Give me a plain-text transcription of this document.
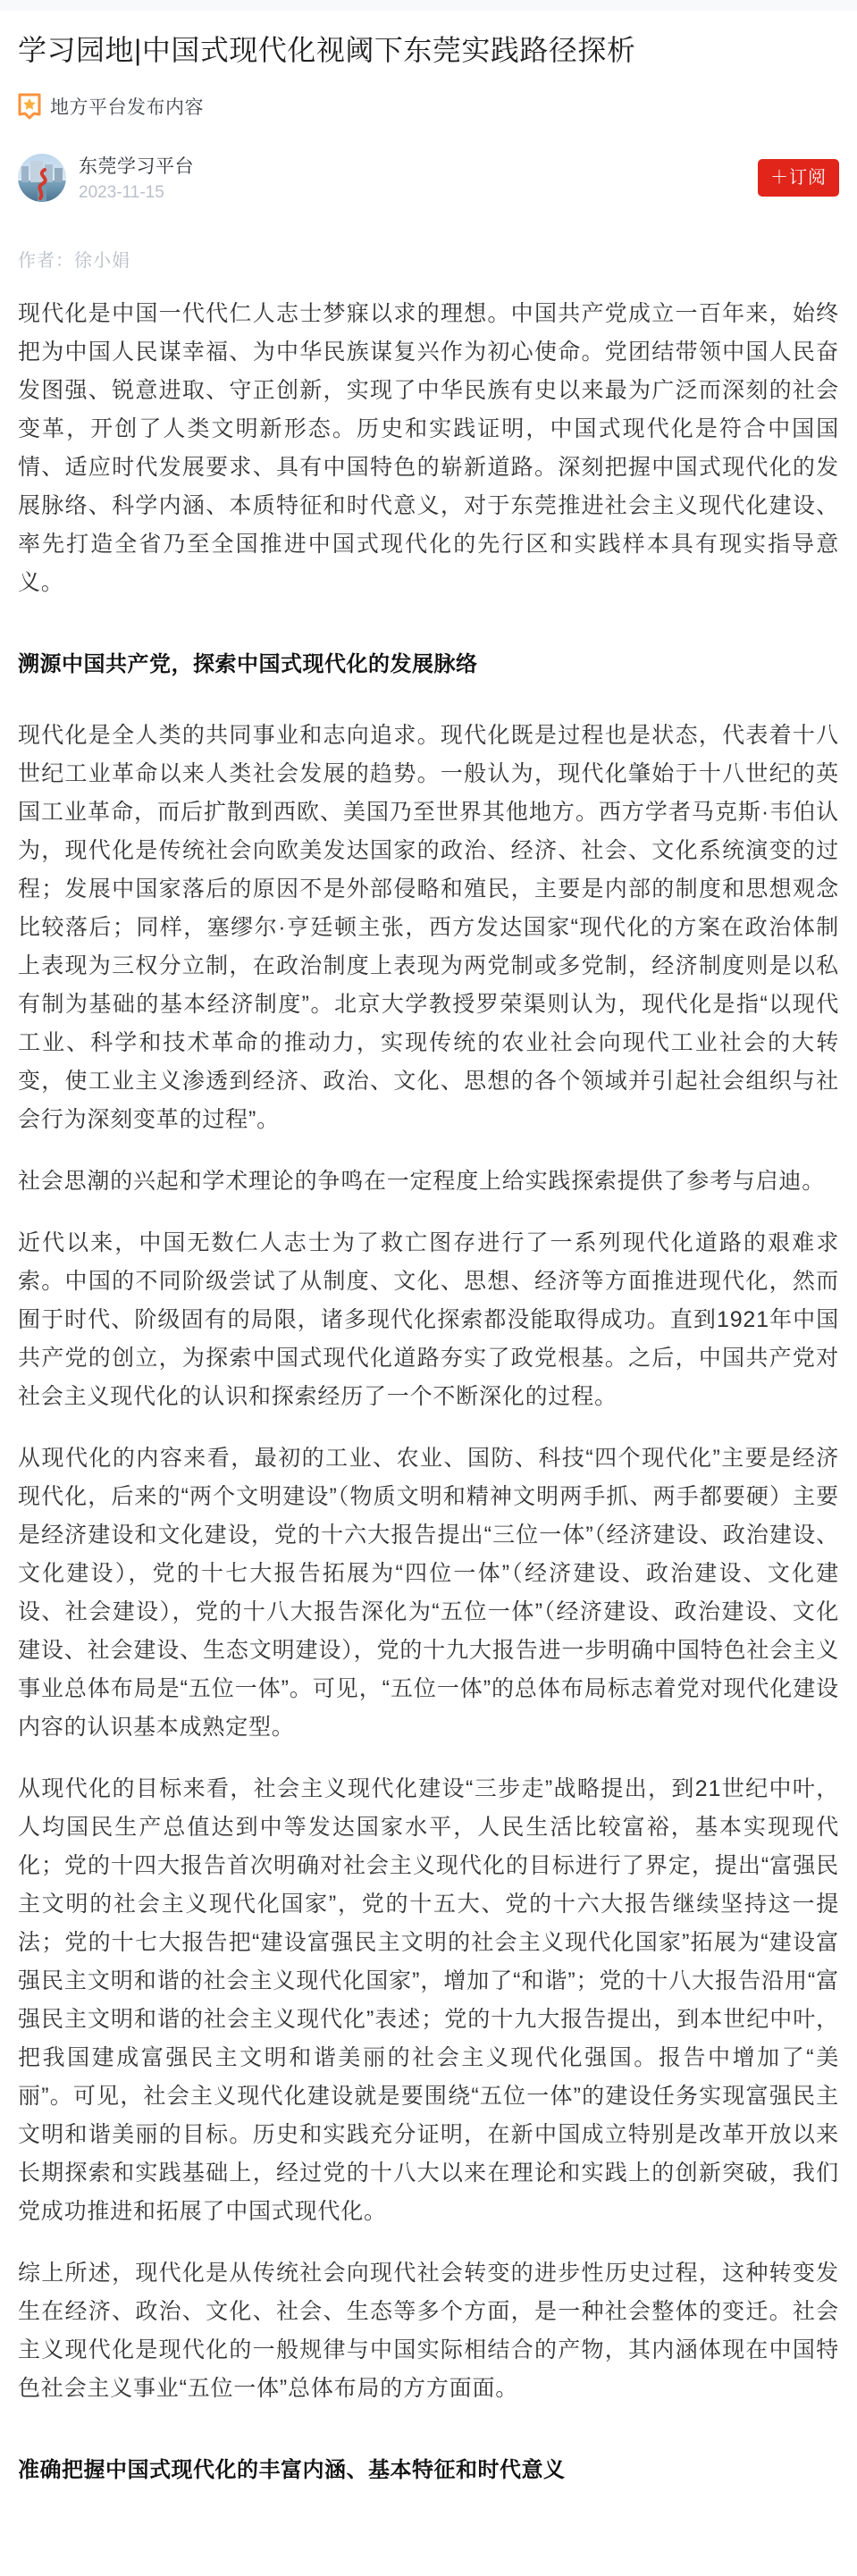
学习园地|中国式现代化视阈下东莞实践路径探析
地方平台发布内容
东莞学习平台
2023-11-15
＋订阅
作者：徐小娟

现代化是中国一代代仁人志士梦寐以求的理想。中国共产党成立一百年来，始终把为中国人民谋幸福、为中华民族谋复兴作为初心使命。党团结带领中国人民奋发图强、锐意进取、守正创新，实现了中华民族有史以来最为广泛而深刻的社会变革，开创了人类文明新形态。历史和实践证明，中国式现代化是符合中国国情、适应时代发展要求、具有中国特色的崭新道路。深刻把握中国式现代化的发展脉络、科学内涵、本质特征和时代意义，对于东莞推进社会主义现代化建设、率先打造全省乃至全国推进中国式现代化的先行区和实践样本具有现实指导意义。

溯源中国共产党，探索中国式现代化的发展脉络

现代化是全人类的共同事业和志向追求。现代化既是过程也是状态，代表着十八世纪工业革命以来人类社会发展的趋势。一般认为，现代化肇始于十八世纪的英国工业革命，而后扩散到西欧、美国乃至世界其他地方。西方学者马克斯·韦伯认为，现代化是传统社会向欧美发达国家的政治、经济、社会、文化系统演变的过程；发展中国家落后的原因不是外部侵略和殖民，主要是内部的制度和思想观念比较落后；同样，塞缪尔·亨廷顿主张，西方发达国家“现代化的方案在政治体制上表现为三权分立制，在政治制度上表现为两党制或多党制，经济制度则是以私有制为基础的基本经济制度”。北京大学教授罗荣渠则认为，现代化是指“以现代工业、科学和技术革命的推动力，实现传统的农业社会向现代工业社会的大转变，使工业主义渗透到经济、政治、文化、思想的各个领域并引起社会组织与社会行为深刻变革的过程”。

社会思潮的兴起和学术理论的争鸣在一定程度上给实践探索提供了参考与启迪。

近代以来，中国无数仁人志士为了救亡图存进行了一系列现代化道路的艰难求索。中国的不同阶级尝试了从制度、文化、思想、经济等方面推进现代化，然而囿于时代、阶级固有的局限，诸多现代化探索都没能取得成功。直到1921年中国共产党的创立，为探索中国式现代化道路夯实了政党根基。之后，中国共产党对社会主义现代化的认识和探索经历了一个不断深化的过程。

从现代化的内容来看，最初的工业、农业、国防、科技“四个现代化”主要是经济现代化，后来的“两个文明建设”（物质文明和精神文明两手抓、两手都要硬）主要是经济建设和文化建设，党的十六大报告提出“三位一体”（经济建设、政治建设、文化建设），党的十七大报告拓展为“四位一体”（经济建设、政治建设、文化建设、社会建设），党的十八大报告深化为“五位一体”（经济建设、政治建设、文化建设、社会建设、生态文明建设），党的十九大报告进一步明确中国特色社会主义事业总体布局是“五位一体”。可见，“五位一体”的总体布局标志着党对现代化建设内容的认识基本成熟定型。

从现代化的目标来看，社会主义现代化建设“三步走”战略提出，到21世纪中叶，人均国民生产总值达到中等发达国家水平，人民生活比较富裕，基本实现现代化；党的十四大报告首次明确对社会主义现代化的目标进行了界定，提出“富强民主文明的社会主义现代化国家”，党的十五大、党的十六大报告继续坚持这一提法；党的十七大报告把“建设富强民主文明的社会主义现代化国家”拓展为“建设富强民主文明和谐的社会主义现代化国家”，增加了“和谐”；党的十八大报告沿用“富强民主文明和谐的社会主义现代化”表述；党的十九大报告提出，到本世纪中叶，把我国建成富强民主文明和谐美丽的社会主义现代化强国。报告中增加了“美丽”。可见，社会主义现代化建设就是要围绕“五位一体”的建设任务实现富强民主文明和谐美丽的目标。历史和实践充分证明，在新中国成立特别是改革开放以来长期探索和实践基础上，经过党的十八大以来在理论和实践上的创新突破，我们党成功推进和拓展了中国式现代化。

综上所述，现代化是从传统社会向现代社会转变的进步性历史过程，这种转变发生在经济、政治、文化、社会、生态等多个方面，是一种社会整体的变迁。社会主义现代化是现代化的一般规律与中国实际相结合的产物，其内涵体现在中国特色社会主义事业“五位一体”总体布局的方方面面。

准确把握中国式现代化的丰富内涵、基本特征和时代意义
